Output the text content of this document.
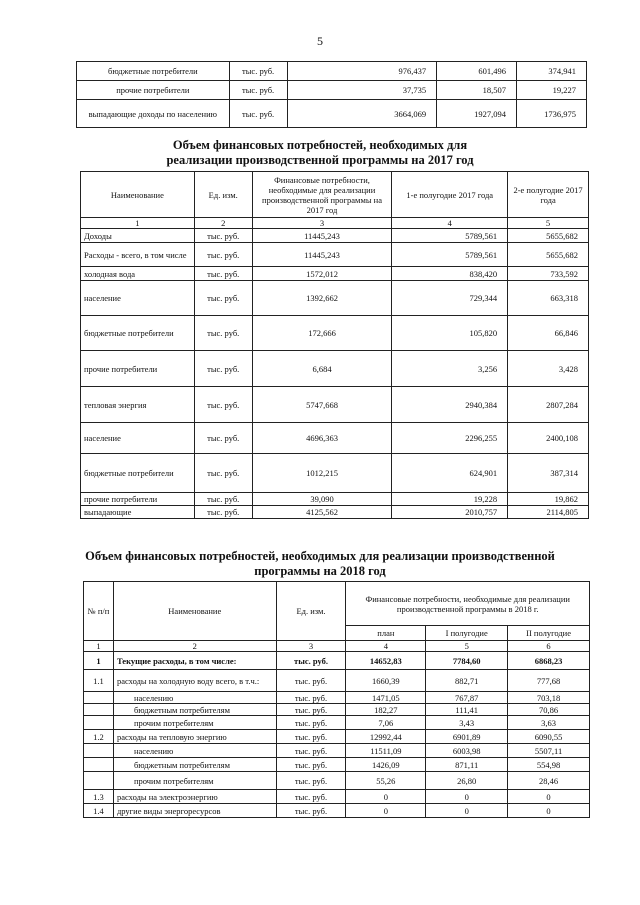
5
бюджетные потребители	тыс. руб.	976,437	601,496	374,941
прочие потребители	тыс. руб.	37,735	18,507	19,227
выпадающие доходы по населению	тыс. руб.	3664,069	1927,094	1736,975
Объем финансовых потребностей, необходимых для реализации производственной программы на 2017 год
Наименование	Ед. изм.	Финансовые потребности, необходимые для реализации производственной программы на 2017 год	1-е полугодие 2017 года	2-е полугодие 2017 года
1	2	3	4	5
Доходы	тыс. руб.	11445,243	5789,561	5655,682
Расходы - всего, в том числе	тыс. руб.	11445,243	5789,561	5655,682
холодная вода	тыс. руб.	1572,012	838,420	733,592
население	тыс. руб.	1392,662	729,344	663,318
бюджетные потребители	тыс. руб.	172,666	105,820	66,846
прочие потребители	тыс. руб.	6,684	3,256	3,428
тепловая энергия	тыс. руб.	5747,668	2940,384	2807,284
население	тыс. руб.	4696,363	2296,255	2400,108
бюджетные потребители	тыс. руб.	1012,215	624,901	387,314
прочие потребители	тыс. руб.	39,090	19,228	19,862
выпадающие	тыс. руб.	4125,562	2010,757	2114,805
Объем финансовых потребностей, необходимых для реализации производственной программы на 2018 год
№ п/п	Наименование	Ед. изм.	Финансовые потребности, необходимые для реализации производственной программы в 2018 г.		
			план	I полугодие	II полугодие
1	2	3	4	5	6
1	Текущие расходы, в том числе:	тыс. руб.	14652,83	7784,60	6868,23
1.1	расходы на холодную воду всего, в т.ч.:	тыс. руб.	1660,39	882,71	777,68
	населению	тыс. руб.	1471,05	767,87	703,18
	бюджетным потребителям	тыс. руб.	182,27	111,41	70,86
	прочим потребителям	тыс. руб.	7,06	3,43	3,63
1.2	расходы на тепловую энергию	тыс. руб.	12992,44	6901,89	6090,55
	населению	тыс. руб.	11511,09	6003,98	5507,11
	бюджетным потребителям	тыс. руб.	1426,09	871,11	554,98
	прочим потребителям	тыс. руб.	55,26	26,80	28,46
1.3	расходы на электроэнергию	тыс. руб.	0	0	0
1.4	другие виды энергоресурсов	тыс. руб.	0	0	0
